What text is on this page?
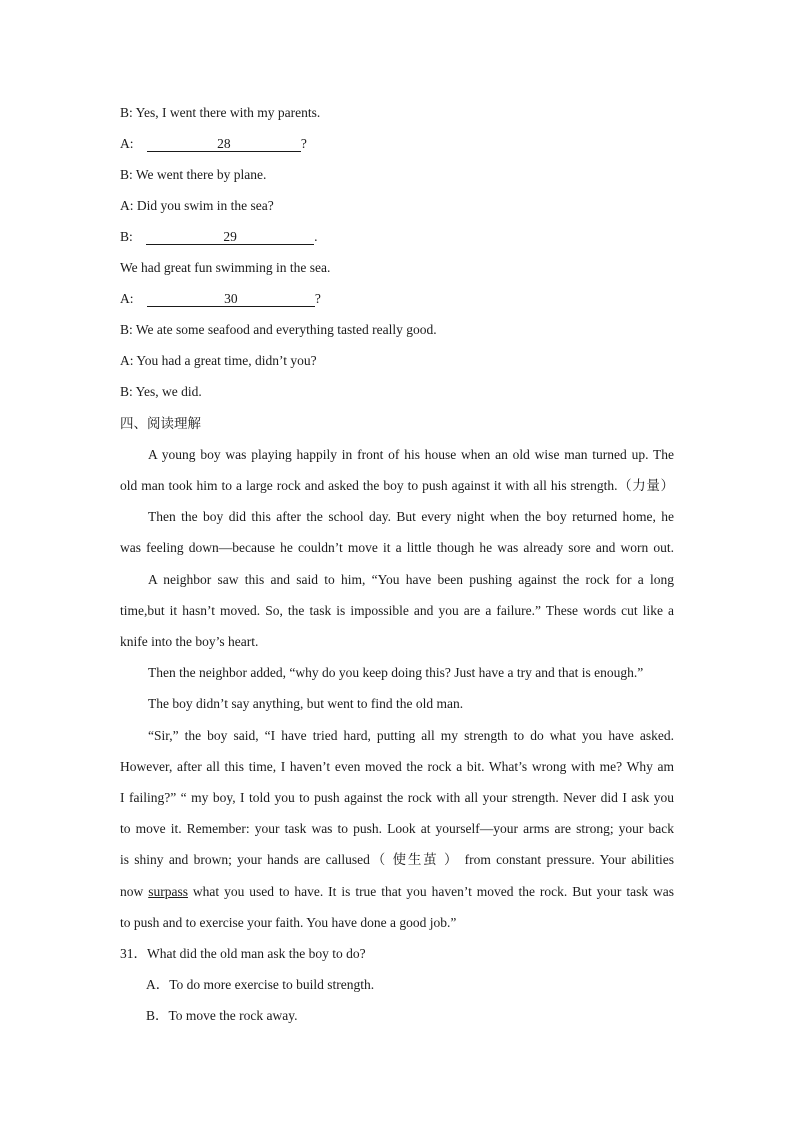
B: Yes, I went there with my parents.
A:	28	?
B: We went there by plane.
A: Did you swim in the sea?
B:	29	.
We had great fun swimming in the sea.
A:	30	?
B: We ate some seafood and everything tasted really good.
A: You had a great time, didn’t you?
B: Yes, we did.
四、阅读理解
A young boy was playing happily in front of his house when an old wise man turned up. The
old man took him to a large rock and asked the boy to push against it with all his strength.（力量）
Then the boy did this after the school day. But every night when the boy returned home, he
was feeling down—because he couldn’t move it a little though he was already sore and worn out.
A neighbor saw this and said to him, “You have been pushing against the rock for a long
time,but it hasn’t moved. So, the task is impossible and you are a failure.” These words cut like a
knife into the boy’s heart.
Then the neighbor added, “why do you keep doing this? Just have a try and that is enough.”
The boy didn’t say anything, but went to find the old man.
“Sir,” the boy said, “I have tried hard, putting all my strength to do what you have asked.
However, after all this time, I haven’t even moved the rock a bit. What’s wrong with me? Why am
I failing?” “ my boy, I told you to push against the rock with all your strength. Never did I ask you
to move it. Remember: your task was to push. Look at yourself—your arms are strong; your back
is shiny and brown; your hands are callused（ 使生茧 ） from constant pressure. Your abilities
now surpass what you used to have. It is true that you haven’t moved the rock. But your task was
to push and to exercise your faith. You have done a good job.”
31．What did the old man ask the boy to do?
A．To do more exercise to build strength.
B．To move the rock away.
